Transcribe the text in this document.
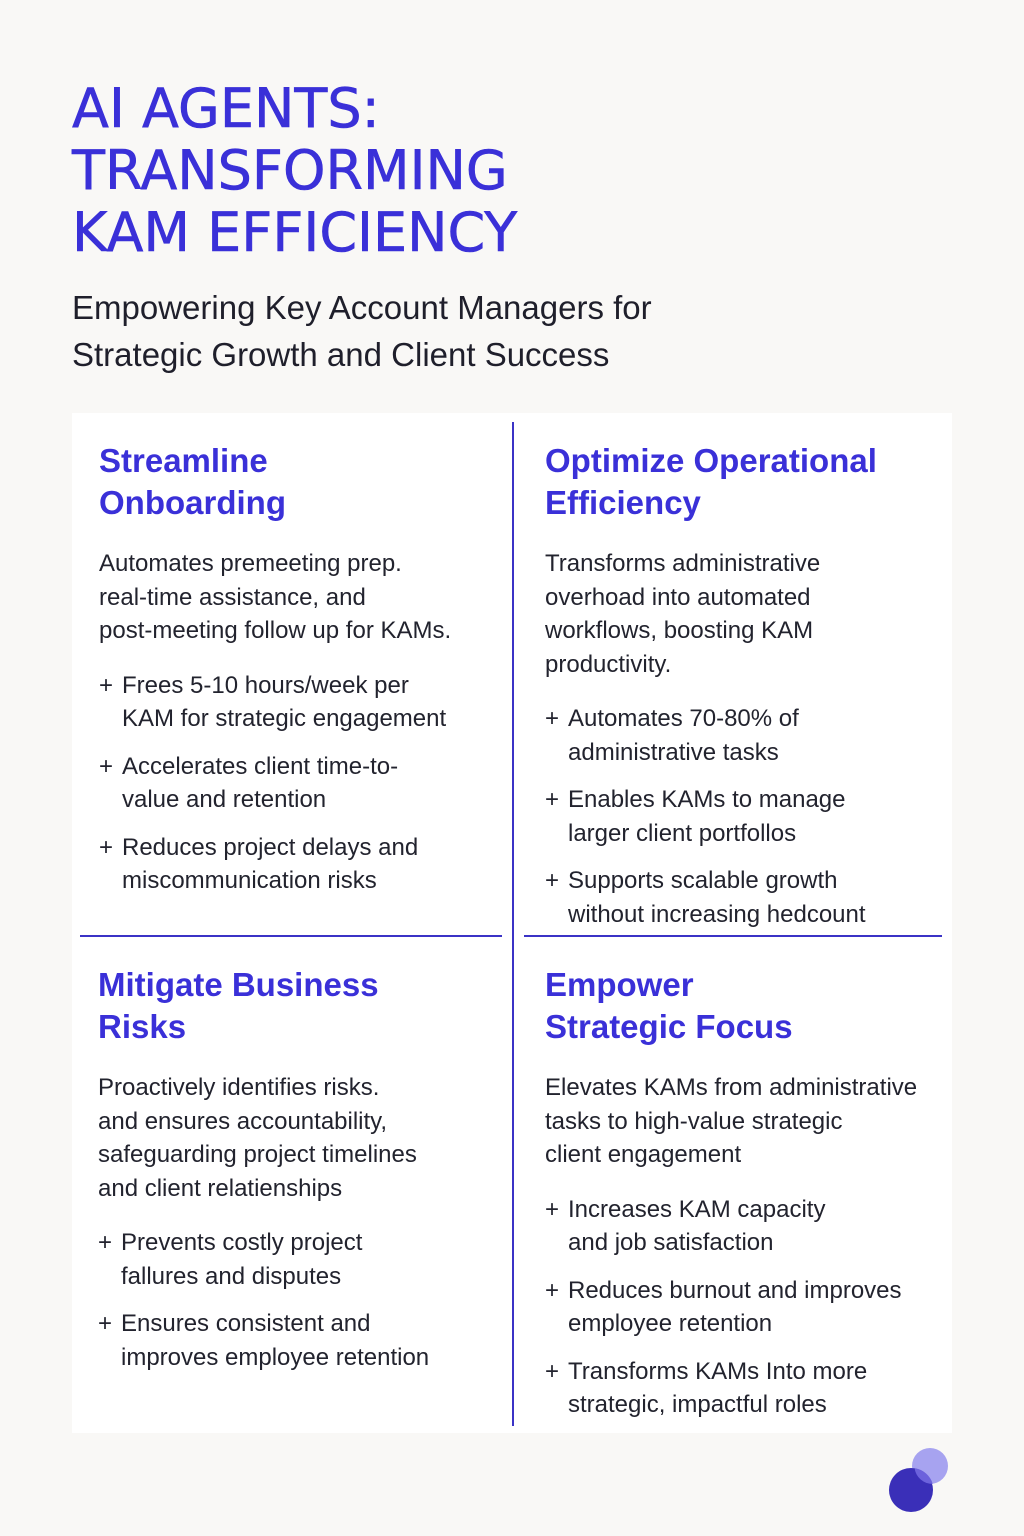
AI AGENTS:
TRANSFORMING
KAM EFFICIENCY

Empowering Key Account Managers for
Strategic Growth and Client Success

Streamline
Onboarding

Automates premeeting prep.
real-time assistance, and
post-meeting follow up for KAMs.

+ Frees 5-10 hours/week per
KAM for strategic engagement
+ Accelerates client time-to-
value and retention
+ Reduces project delays and
miscommunication risks
Optimize Operational
Efficiency

Transforms administrative
overhoad into automated
workflows, boosting KAM
productivity.

+ Automates 70-80% of
administrative tasks
+ Enables KAMs to manage
larger client portfollos
+ Supports scalable growth
without increasing hedcount
Mitigate Business
Risks

Proactively identifies risks.
and ensures accountability,
safeguarding project timelines
and client relatienships

+ Prevents costly project
fallures and disputes
+ Ensures consistent and
improves employee retention
Empower
Strategic Focus

Elevates KAMs from administrative
tasks to high-value strategic
client engagement

+ Increases KAM capacity
and job satisfaction
+ Reduces burnout and improves
employee retention
+ Transforms KAMs Into more
strategic, impactful roles
